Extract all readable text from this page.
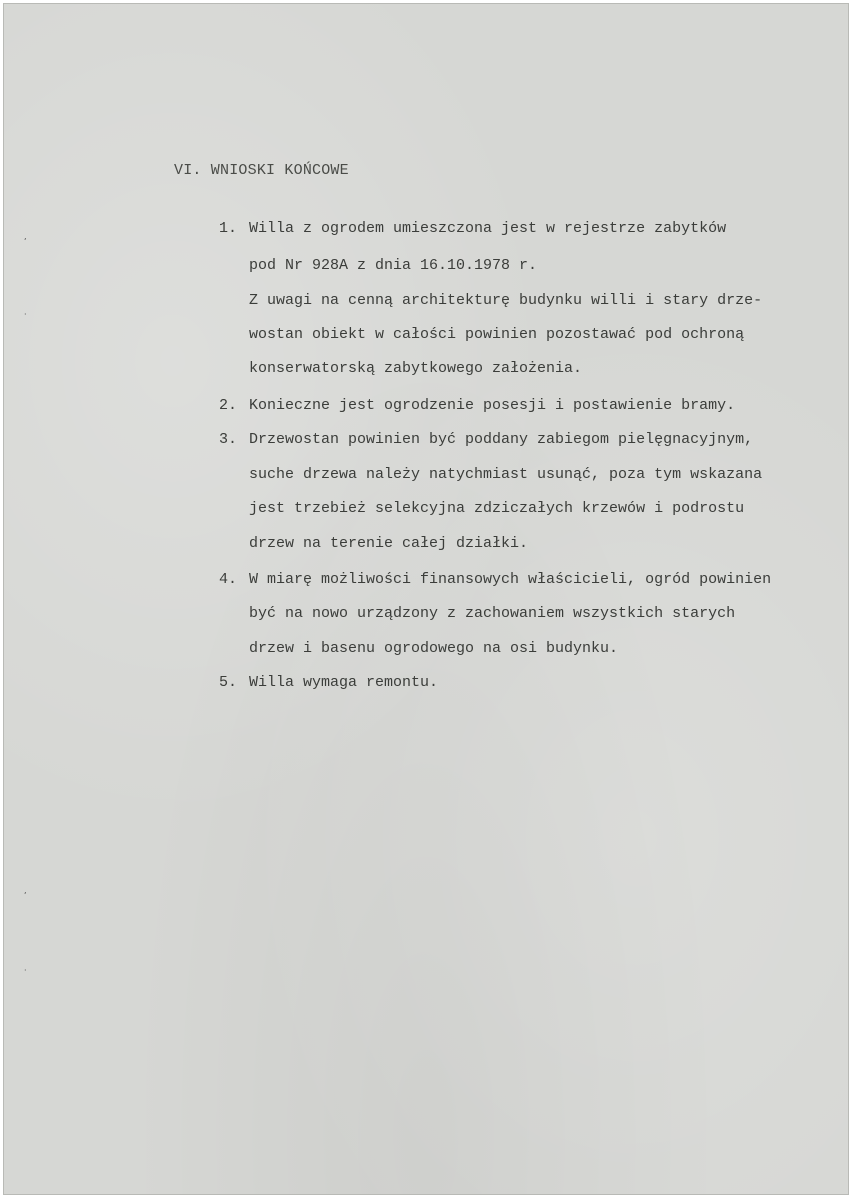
,
·
,
·
VI. WNIOSKI KOŃCOWE
1. Willa z ogrodem umieszczona jest w rejestrze zabytków
pod Nr 928A z dnia 16.10.1978 r.
Z uwagi na cenną architekturę budynku willi i stary drze-
wostan obiekt w całości powinien pozostawać pod ochroną
konserwatorską zabytkowego założenia.
2. Konieczne jest ogrodzenie posesji i postawienie bramy.
3. Drzewostan powinien być poddany zabiegom pielęgnacyjnym,
suche drzewa należy natychmiast usunąć, poza tym wskazana
jest trzebież selekcyjna zdziczałych krzewów i podrostu
drzew na terenie całej działki.
4. W miarę możliwości finansowych właścicieli, ogród powinien
być na nowo urządzony z zachowaniem wszystkich starych
drzew i basenu ogrodowego na osi budynku.
5. Willa wymaga remontu.
